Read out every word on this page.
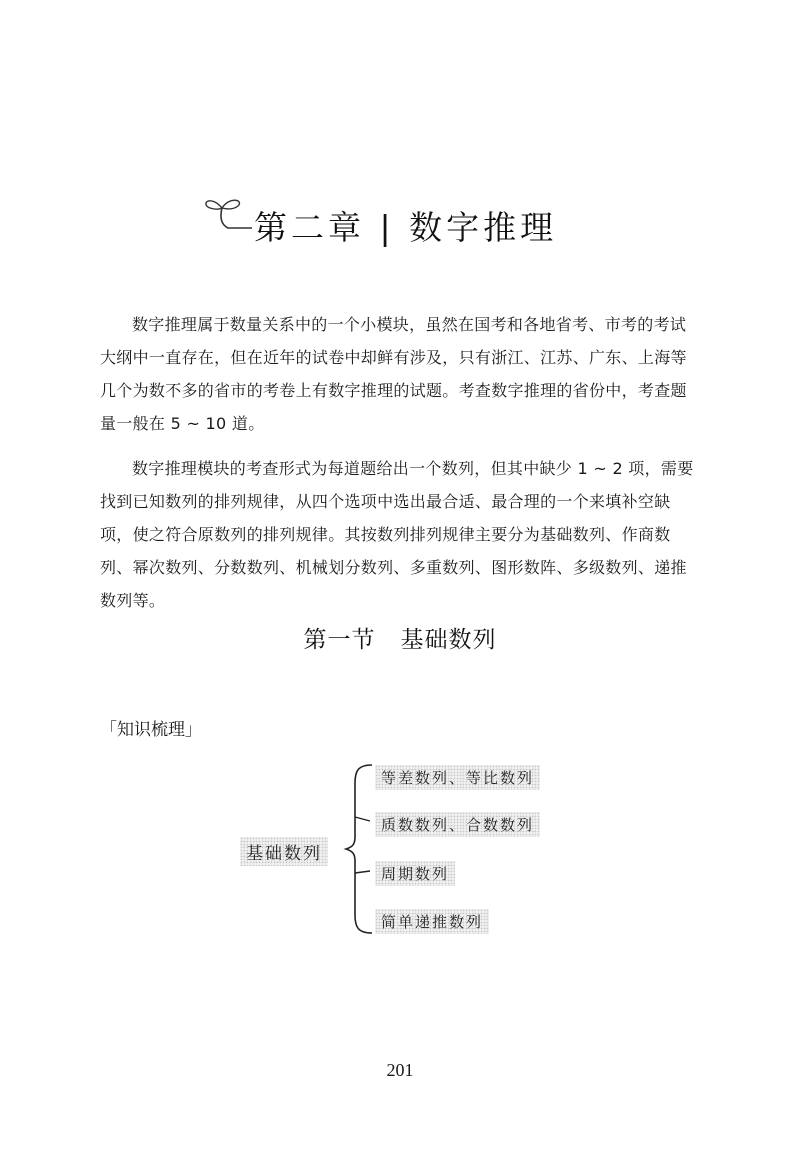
第二章 | 数字推理

数字推理属于数量关系中的一个小模块，虽然在国考和各地省考、市考的考试大纲中一直存在，但在近年的试卷中却鲜有涉及，只有浙江、江苏、广东、上海等几个为数不多的省市的考卷上有数字推理的试题。考查数字推理的省份中，考查题量一般在 5 ~ 10 道。

数字推理模块的考查形式为每道题给出一个数列，但其中缺少 1 ~ 2 项，需要找到已知数列的排列规律，从四个选项中选出最合适、最合理的一个来填补空缺项，使之符合原数列的排列规律。其按数列排列规律主要分为基础数列、作商数列、幂次数列、分数数列、机械划分数列、多重数列、图形数阵、多级数列、递推数列等。

第一节   基础数列
「知识梳理」
基础数列
等差数列、等比数列
质数数列、合数数列
周期数列
简单递推数列
201
